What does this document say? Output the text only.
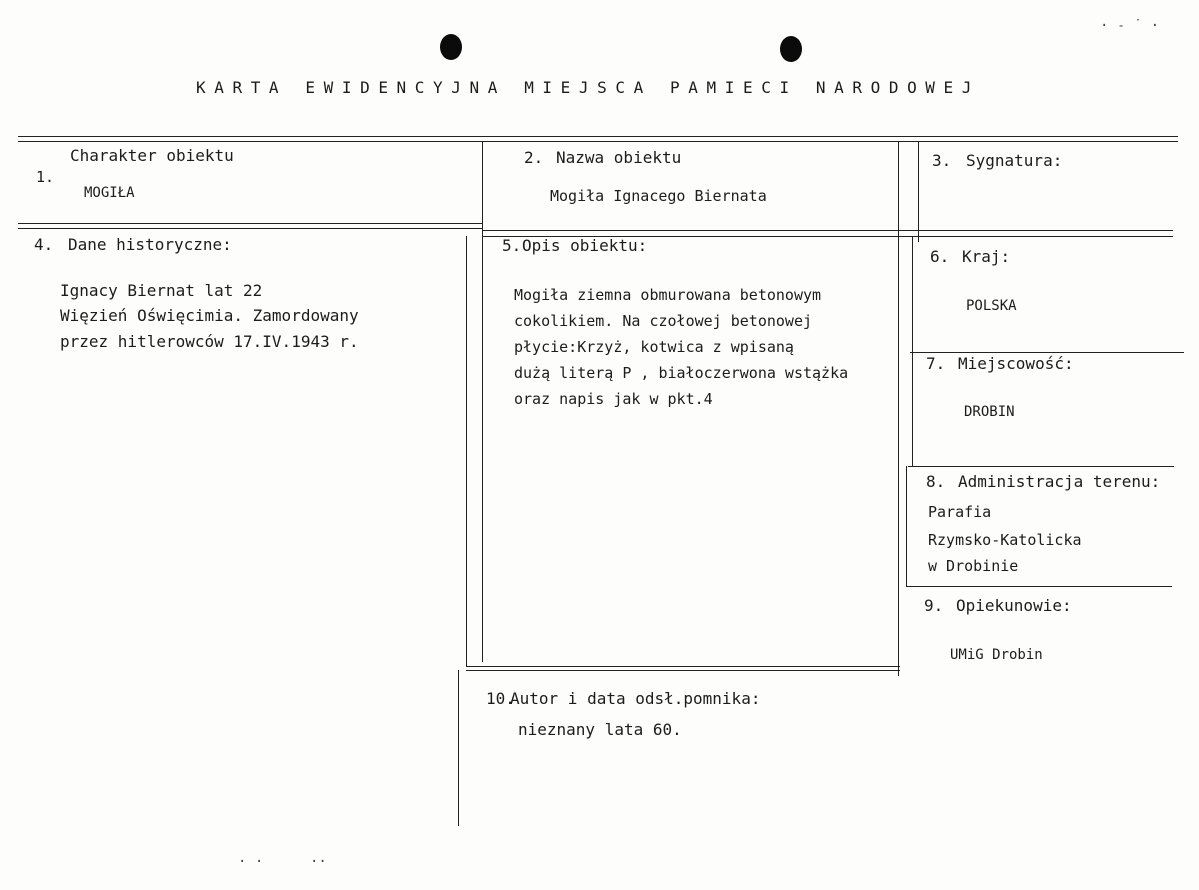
· ˗ ˙ ·
KARTA EWIDENCYJNA MIEJSCA PAMIECI NARODOWEJ
1.
Charakter obiektu
MOGIŁA
2. Nazwa obiektu
Mogiła Ignacego Biernata
3. Sygnatura:
4. Dane historyczne:
Ignacy Biernat lat 22
Więzień Oświęcimia. Zamordowany
przez hitlerowców 17.IV.1943 r.
5. Opis obiektu:
Mogiła ziemna obmurowana betonowym
cokolikiem. Na czołowej betonowej
płycie:Krzyż, kotwica z wpisaną
dużą literą P , białoczerwona wstążka
oraz napis jak w pkt.4
6. Kraj:
POLSKA
7. Miejscowość:
DROBIN
8. Administracja terenu:
Parafia
Rzymsko-Katolicka
w Drobinie
9. Opiekunowie:
UMiG Drobin
10.
Autor i data odsł.pomnika:
nieznany lata 60.
· ·	··
